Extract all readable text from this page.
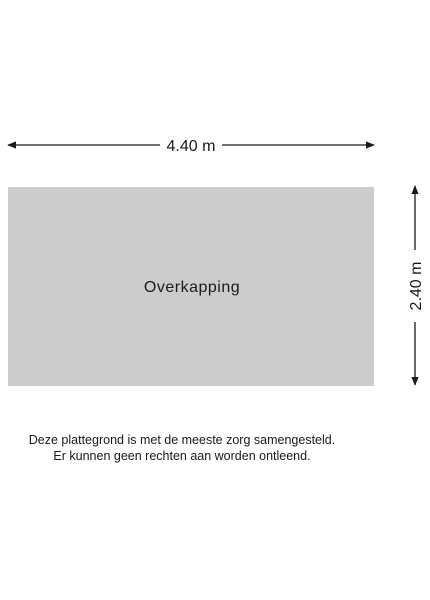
4.40 m
Overkapping	2.40 m
Deze plattegrond is met de meeste zorg samengesteld.
Er kunnen geen rechten aan worden ontleend.
